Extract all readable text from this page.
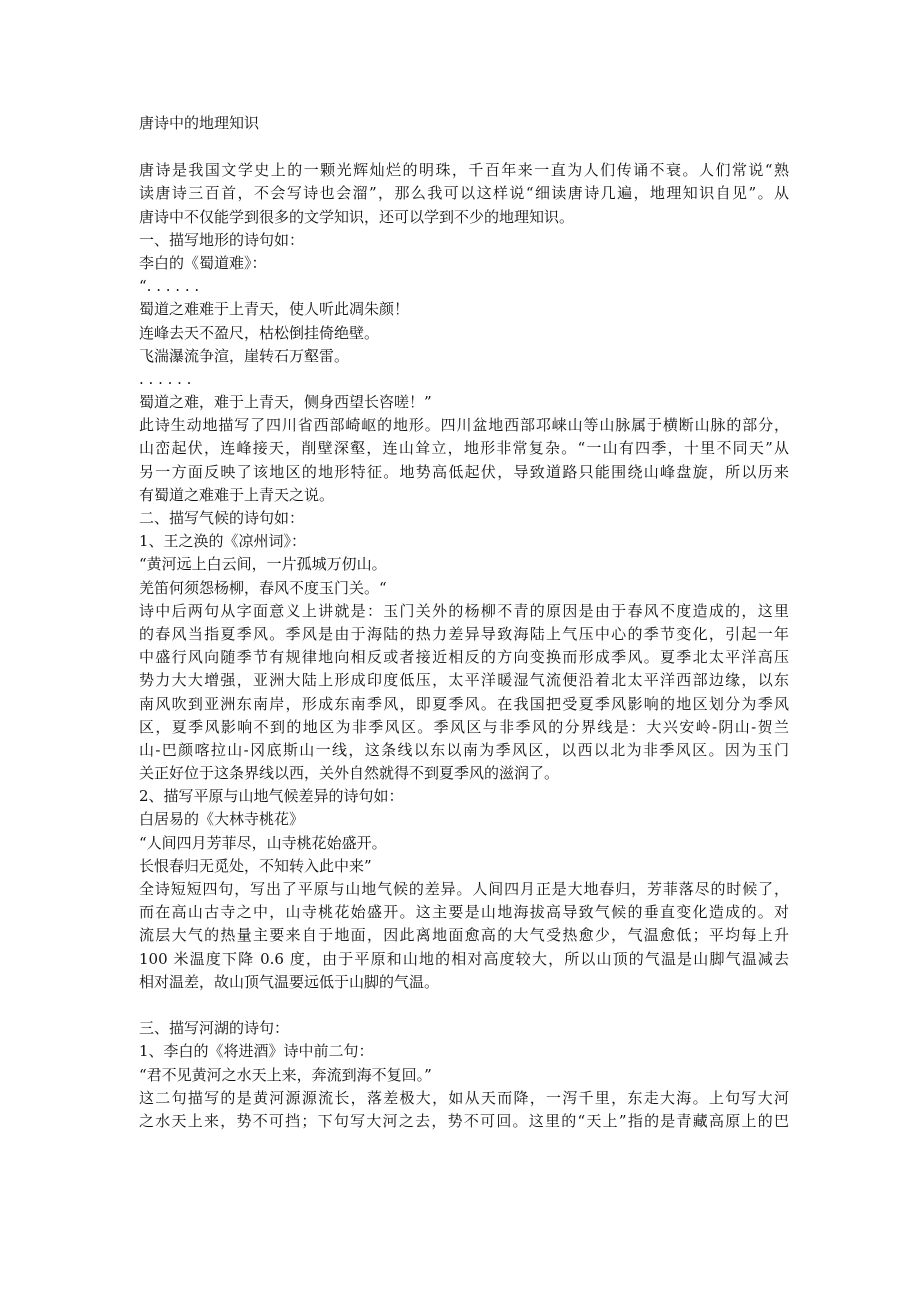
唐诗中的地理知识
唐诗是我国文学史上的一颗光辉灿烂的明珠，千百年来一直为人们传诵不衰。人们常说“熟
读唐诗三百首，不会写诗也会溜”，那么我可以这样说“细读唐诗几遍，地理知识自见”。从
唐诗中不仅能学到很多的文学知识，还可以学到不少的地理知识。
一、描写地形的诗句如：
李白的《蜀道难》：
“. . . . . .
蜀道之难难于上青天，使人听此凋朱颜！
连峰去天不盈尺，枯松倒挂倚绝壁。
飞湍瀑流争渲，崖转石万壑雷。
. . . . . .
蜀道之难，难于上青天，侧身西望长咨嗟！”
此诗生动地描写了四川省西部崎岖的地形。四川盆地西部邛崃山等山脉属于横断山脉的部分，
山峦起伏，连峰接天，削壁深壑，连山耸立，地形非常复杂。“一山有四季，十里不同天”从
另一方面反映了该地区的地形特征。地势高低起伏，导致道路只能围绕山峰盘旋，所以历来
有蜀道之难难于上青天之说。
二、描写气候的诗句如：
1、王之涣的《凉州词》：
“黄河远上白云间，一片孤城万仞山。
羌笛何须怨杨柳，春风不度玉门关。“
诗中后两句从字面意义上讲就是：玉门关外的杨柳不青的原因是由于春风不度造成的，这里
的春风当指夏季风。季风是由于海陆的热力差异导致海陆上气压中心的季节变化，引起一年
中盛行风向随季节有规律地向相反或者接近相反的方向变换而形成季风。夏季北太平洋高压
势力大大增强，亚洲大陆上形成印度低压，太平洋暖湿气流便沿着北太平洋西部边缘，以东
南风吹到亚洲东南岸，形成东南季风，即夏季风。在我国把受夏季风影响的地区划分为季风
区，夏季风影响不到的地区为非季风区。季风区与非季风的分界线是：大兴安岭-阴山-贺兰
山-巴颜喀拉山-冈底斯山一线，这条线以东以南为季风区，以西以北为非季风区。因为玉门
关正好位于这条界线以西，关外自然就得不到夏季风的滋润了。
2、描写平原与山地气候差异的诗句如：
白居易的《大林寺桃花》
“人间四月芳菲尽，山寺桃花始盛开。
长恨春归无觅处，不知转入此中来”
全诗短短四句，写出了平原与山地气候的差异。人间四月正是大地春归，芳菲落尽的时候了，
而在高山古寺之中，山寺桃花始盛开。这主要是山地海拔高导致气候的垂直变化造成的。对
流层大气的热量主要来自于地面，因此离地面愈高的大气受热愈少，气温愈低；平均每上升
100 米温度下降 0.6 度，由于平原和山地的相对高度较大，所以山顶的气温是山脚气温减去
相对温差，故山顶气温要远低于山脚的气温。
三、描写河湖的诗句：
1、李白的《将进酒》诗中前二句：
“君不见黄河之水天上来，奔流到海不复回。”
这二句描写的是黄河源源流长，落差极大，如从天而降，一泻千里，东走大海。上句写大河
之水天上来，势不可挡；下句写大河之去，势不可回。这里的“天上”指的是青藏高原上的巴
